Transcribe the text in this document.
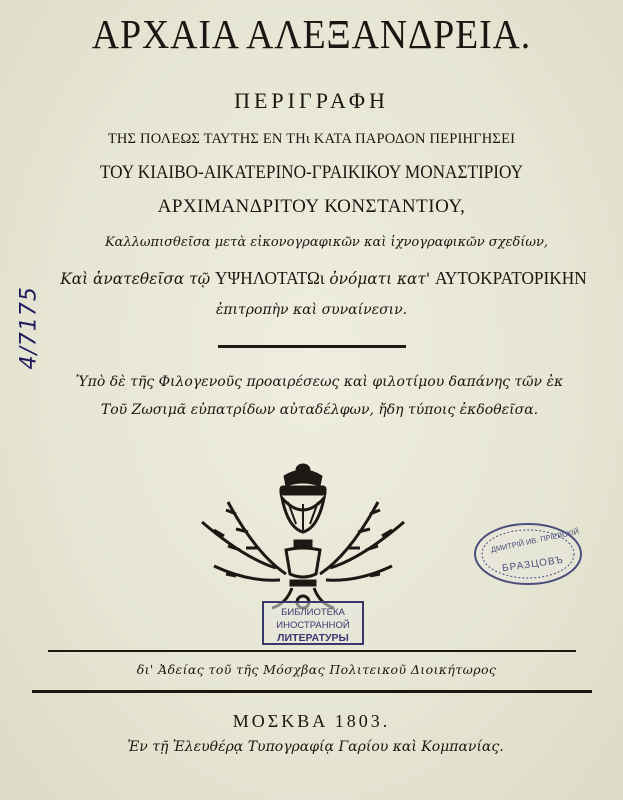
ΑΡΧΑΙΑ ΑΛΕΞΑΝΔΡΕΙΑ.
ΠΕΡΙΓΡΑΦΗ
ΤΗΣ ΠΟΛΕΩΣ ΤΑΥΤΗΣ ΕΝ ΤΗι ΚΑΤΑ ΠΑΡΟΔΟΝ ΠΕΡΙΗΓΗΣΕΙ
ΤΟΥ ΚΙΑΙΒΟ-ΑΙΚΑΤΕΡΙΝΟ-ΓΡΑΙΚΙΚΟΥ ΜΟΝΑΣΤΙΡΙΟΥ
ΑΡΧΙΜΑΝΔΡΙΤΟΥ ΚΟΝΣΤΑΝΤΙΟΥ,
Καλλωπισθεῖσα μετὰ εἰκονογραφικῶν καὶ ἰχνογραφικῶν σχεδίων,
Καὶ ἀνατεθεῖσα τῷ ΥΨΗΛΟΤΑΤΩι ὀνόματι κατ' ΑΥΤΟΚΡΑΤΟΡΙΚΗΝ
ἐπιτροπὴν καὶ συναίνεσιν.
Ὑπὸ δὲ τῆς Φιλογενοῦς προαιρέσεως καὶ φιλοτίμου δαπάνης τῶν ἐκ
Τοῦ Ζωσιμᾶ εὐπατρίδων αὐταδέλφων, ἤδη τύποις ἐκδοθεῖσα.
БИБЛИОТЕКА
ИНОСТРАННОЙ
ЛИТЕРАТУРЫ
ДМИТРІЙ ИВ. ПРІЕВСКІЙ
БРАЗЦОВЪ
δι' Ἀδείας τοῦ τῆς Μόσχβας Πολιτεικοῦ Διοικήτωρος
ΜΟΣΚΒΑ 1803.
Ἐν τῇ Ἐλευθέρᾳ Τυπογραφίᾳ Γαρίου καὶ Κομπανίας.
4/7175
